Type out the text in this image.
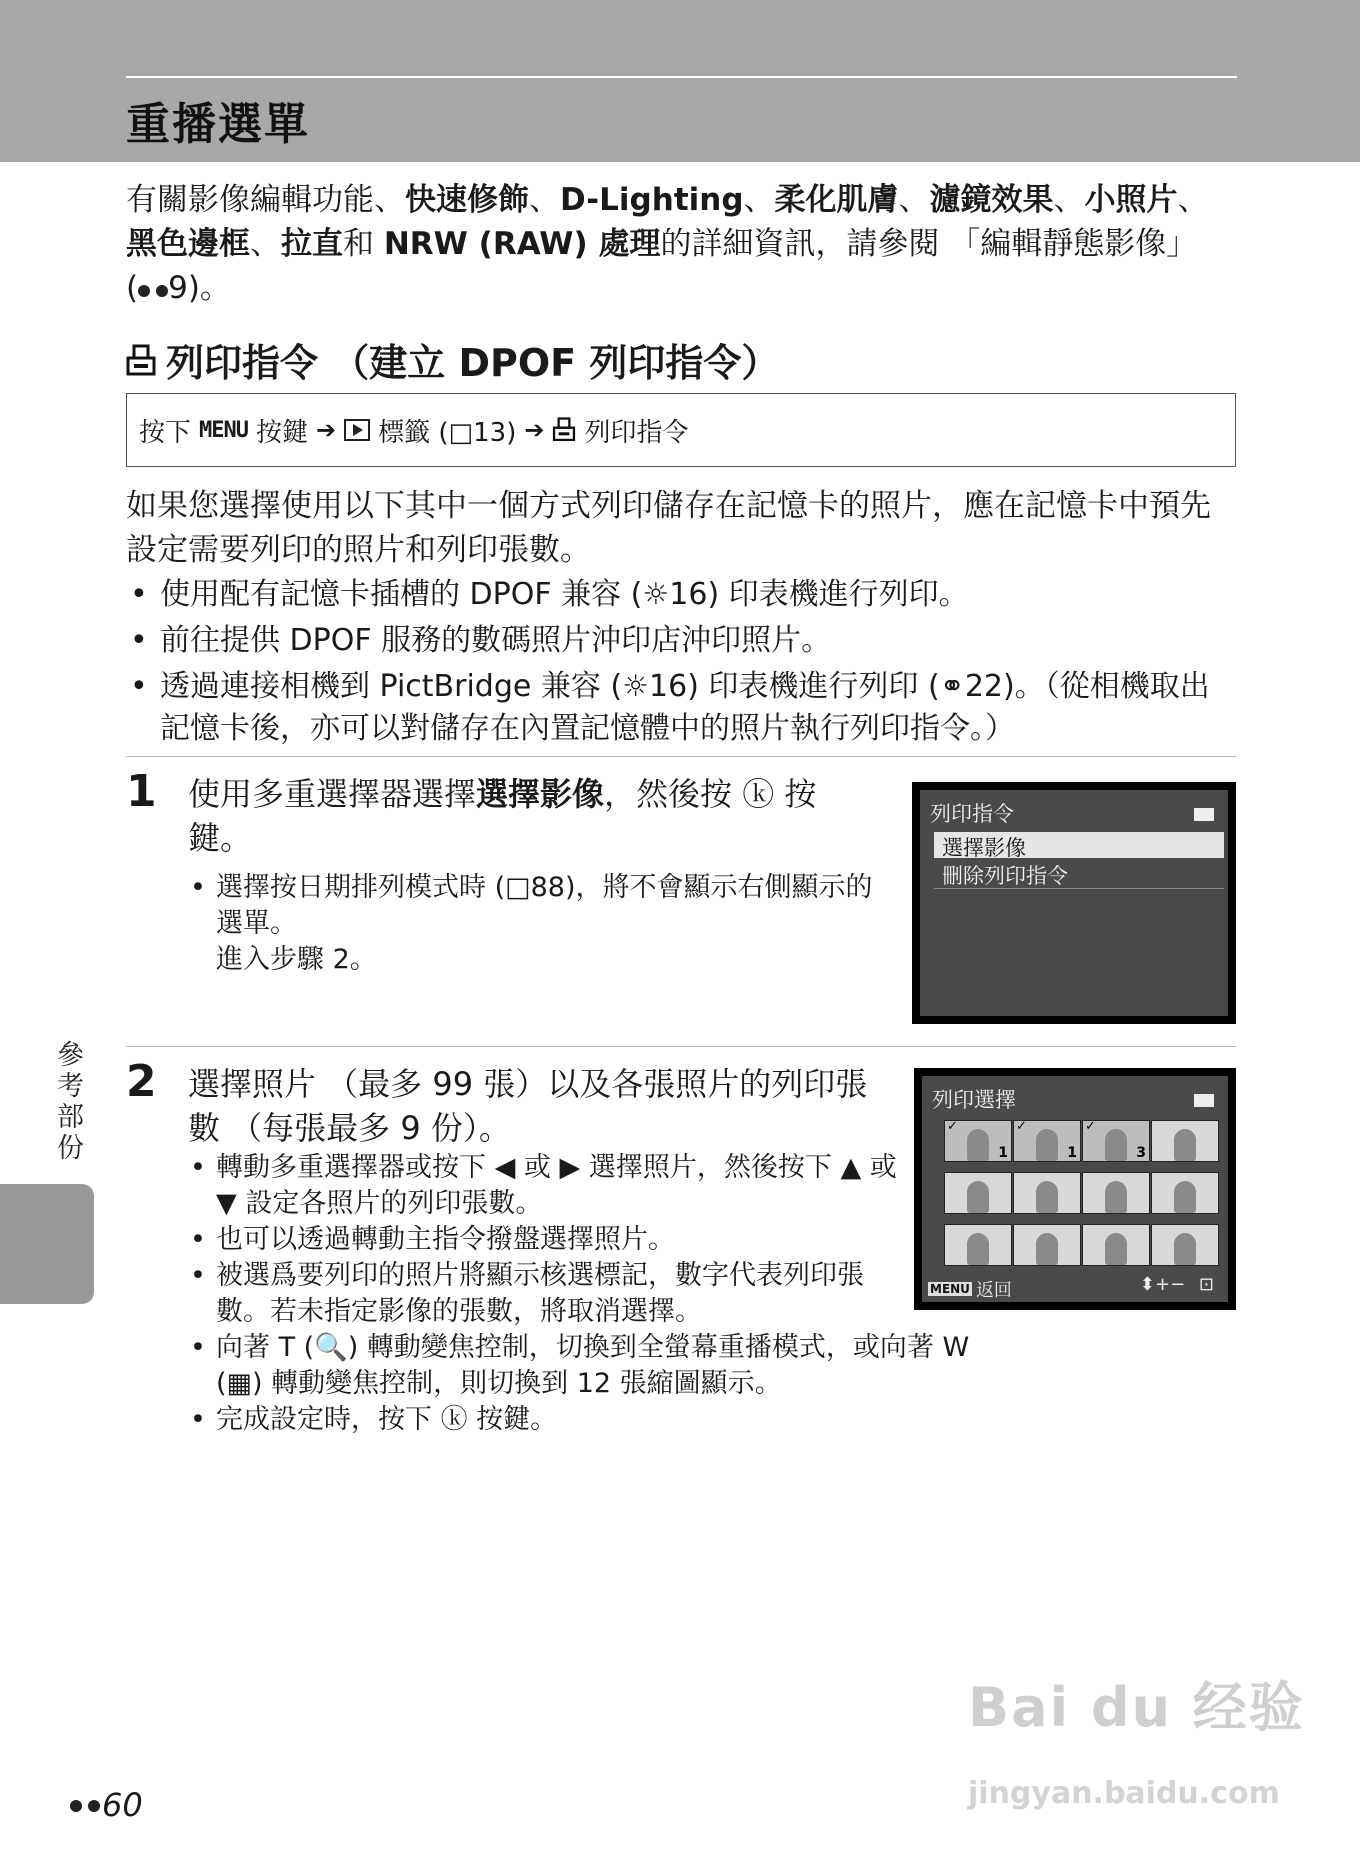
重播選單
有關影像編輯功能、快速修飾、D-Lighting、柔化肌膚、濾鏡效果、小照片、
黑色邊框、拉直和 NRW (RAW) 處理的詳細資訊，請參閱 「編輯靜態影像」
( 9)。
列印指令 （建立 DPOF 列印指令）
按下 MENU 按鍵 ➔ 標籤 (□13) ➔ 列印指令
如果您選擇使用以下其中一個方式列印儲存在記憶卡的照片，應在記憶卡中預先設定需要列印的照片和列印張數。
• 使用配有記憶卡插槽的 DPOF 兼容 (☼16) 印表機進行列印。
• 前往提供 DPOF 服務的數碼照片沖印店沖印照片。
• 透過連接相機到 PictBridge 兼容 (☼16) 印表機進行列印 (⚭22)。（從相機取出記憶卡後，亦可以對儲存在內置記憶體中的照片執行列印指令。）
1 使用多重選擇器選擇選擇影像，然後按 ⓚ 按鍵。
• 選擇按日期排列模式時 (□88)，將不會顯示右側顯示的選單。
進入步驟 2。
列印指令
選擇影像
刪除列印指令
2 選擇照片 （最多 99 張）以及各張照片的列印張數 （每張最多 9 份）。
• 轉動多重選擇器或按下 ◀ 或 ▶ 選擇照片，然後按下 ▲ 或 ▼ 設定各照片的列印張數。
• 也可以透過轉動主指令撥盤選擇照片。
• 被選爲要列印的照片將顯示核選標記，數字代表列印張數。若未指定影像的張數，將取消選擇。
• 向著 T (🔍) 轉動變焦控制，切換到全螢幕重播模式，或向著 W (▦) 轉動變焦控制，則切換到 12 張縮圖顯示。
• 完成設定時，按下 ⓚ 按鍵。
列印選擇
✓
1
✓
1
✓
3
MENU 返回	⬍+− ⊡
參考部份
60
Bai du 经验
jingyan.baidu.com
